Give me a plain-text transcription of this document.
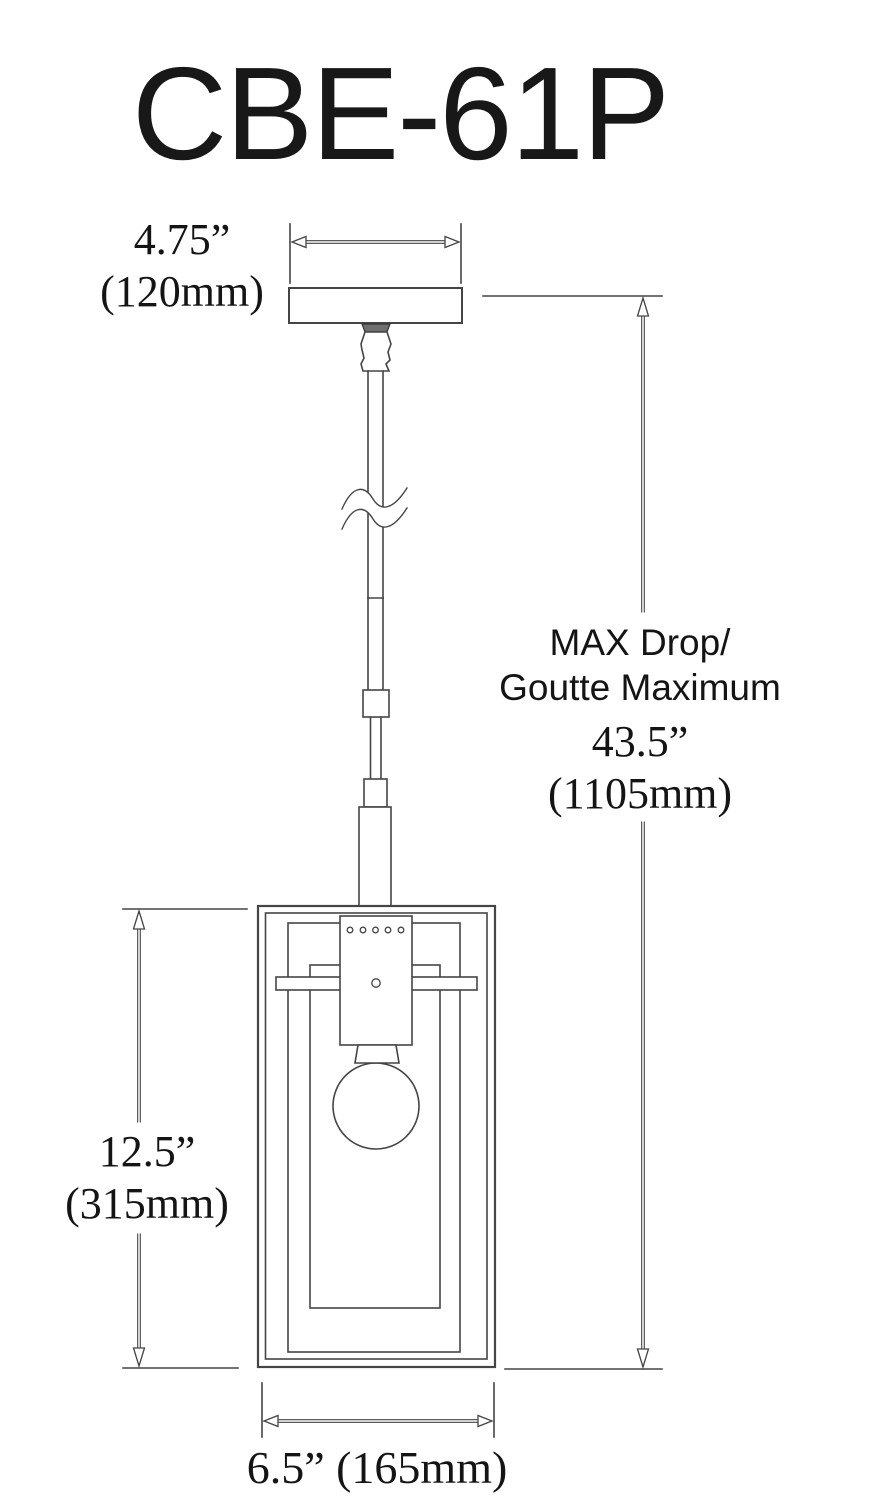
CBE-61P
4.75”
(120mm)
MAX Drop/
Goutte Maximum
43.5”
(1105mm)
12.5”
(315mm)
6.5” (165mm)
